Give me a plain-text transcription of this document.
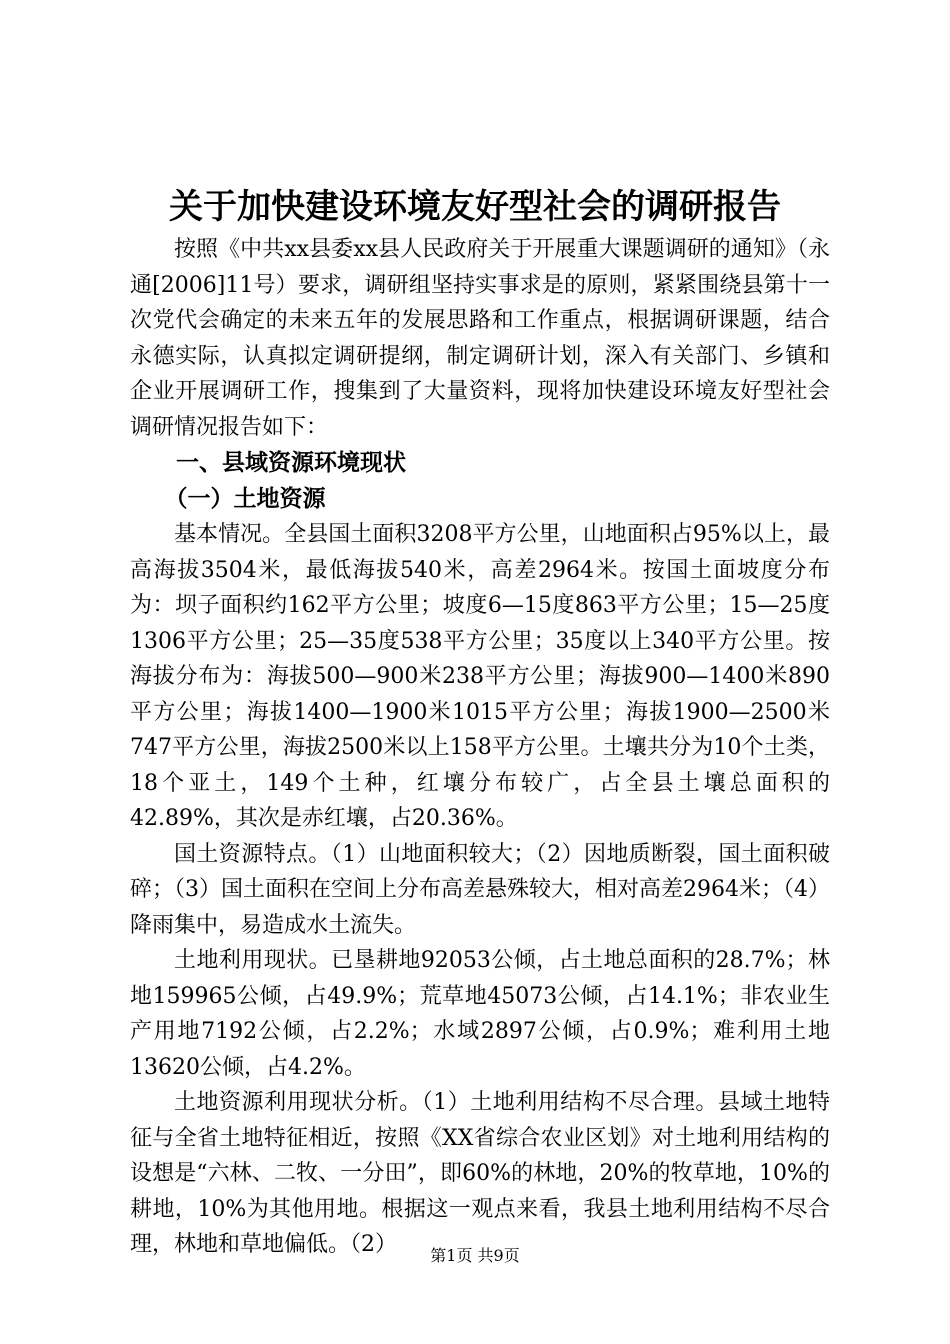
关于加快建设环境友好型社会的调研报告

按照《中共xx县委xx县人民政府关于开展重大课题调研的通知》（永通[2006]11号）要求，调研组坚持实事求是的原则，紧紧围绕县第十一次党代会确定的未来五年的发展思路和工作重点，根据调研课题，结合永德实际，认真拟定调研提纲，制定调研计划，深入有关部门、乡镇和企业开展调研工作，搜集到了大量资料，现将加快建设环境友好型社会调研情况报告如下：

一、县域资源环境现状
（一）土地资源

基本情况。全县国土面积3208平方公里，山地面积占95%以上，最高海拔3504米，最低海拔540米，高差2964米。按国土面坡度分布为：坝子面积约162平方公里；坡度6—15度863平方公里；15—25度1306平方公里；25—35度538平方公里；35度以上340平方公里。按海拔分布为：海拔500—900米238平方公里；海拔900—1400米890平方公里；海拔1400—1900米1015平方公里；海拔1900—2500米747平方公里，海拔2500米以上158平方公里。土壤共分为10个土类，18个亚土，149个土种，红壤分布较广，占全县土壤总面积的42.89%，其次是赤红壤，占20.36%。

国土资源特点。（1）山地面积较大；（2）因地质断裂，国土面积破碎；（3）国土面积在空间上分布高差悬殊较大，相对高差2964米；（4）降雨集中，易造成水土流失。

土地利用现状。已垦耕地92053公倾，占土地总面积的28.7%；林地159965公倾，占49.9%；荒草地45073公倾，占14.1%；非农业生产用地7192公倾，占2.2%；水域2897公倾，占0.9%；难利用土地13620公倾，占4.2%。

土地资源利用现状分析。（1）土地利用结构不尽合理。县域土地特征与全省土地特征相近，按照《XX省综合农业区划》对土地利用结构的设想是“六林、二牧、一分田”，即60%的林地，20%的牧草地，10%的耕地，10%为其他用地。根据这一观点来看，我县土地利用结构不尽合理，林地和草地偏低。（2）	第1页 共9页
